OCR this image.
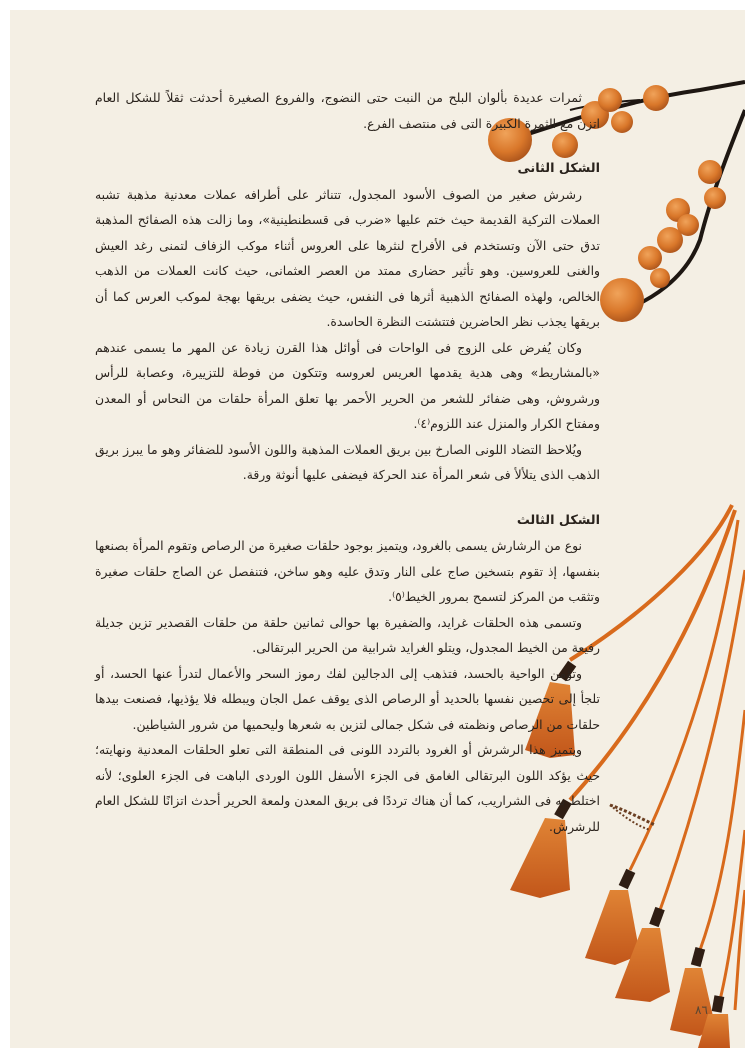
ثمرات عديدة بألوان البلح من النبت حتى النضوج، والفروع الصغيرة أحدثت ثقلاً للشكل العام اتزن مع الثمرة الكبيرة التى فى منتصف الفرع.

الشكل الثانى

رشرش صغير من الصوف الأسود المجدول، تتناثر على أطرافه عملات معدنية مذهبة تشبه العملات التركية القديمة حيث ختم عليها «ضرب فى قسطنطينية»، وما زالت هذه الصفائح المذهبة تدق حتى الآن وتستخدم فى الأفراح لنثرها على العروس أثناء موكب الزفاف لتمنى رغد العيش والغنى للعروسين. وهو تأثير حضارى ممتد من العصر العثمانى، حيث كانت العملات من الذهب الخالص، ولهذه الصفائح الذهبية أثرها فى النفس، حيث يضفى بريقها بهجة لموكب العرس كما أن بريقها يجذب نظر الحاضرين فتتشتت النظرة الحاسدة.

وكان يُفرض على الزوج فى الواحات فى أوائل هذا القرن زيادة عن المهر ما يسمى عندهم «بالمشاريط» وهى هدية يقدمها العريس لعروسه وتتكون من فوطة للتزييرة، وعصابة للرأس ورشروش، وهى ضفائر للشعر من الحرير الأحمر بها تعلق المرأة حلقات من النحاس أو المعدن ومفتاح الكرار والمنزل عند اللزوم⁽٤⁾.

ويُلاحظ التضاد اللونى الصارخ بين بريق العملات المذهبة واللون الأسود للضفائر وهو ما يبرز بريق الذهب الذى يتلألأ فى شعر المرأة عند الحركة فيضفى عليها أنوثة ورقة.

الشكل الثالث

نوع من الرشارش يسمى بالغرود، ويتميز بوجود حلقات صغيرة من الرصاص وتقوم المرأة بصنعها بنفسها، إذ تقوم بتسخين صاج على النار وتدق عليه وهو ساخن، فتنفصل عن الصاج حلقات صغيرة وتثقب من المركز لتسمح بمرور الخيط⁽٥⁾.

وتسمى هذه الحلقات غرايد، والضفيرة بها حوالى ثمانين حلقة من حلقات القصدير تزين جديلة رفيعة من الخيط المجدول، ويتلو الغرايد شرابية من الحرير البرتقالى.

وتؤمن الواحية بالحسد، فتذهب إلى الدجالين لفك رموز السحر والأعمال لتدرأ عنها الحسد، أو تلجأ إلى تحصين نفسها بالحديد أو الرصاص الذى يوقف عمل الجان ويبطله فلا يؤذيها، فصنعت بيدها حلقات من الرصاص ونظمته فى شكل جمالى لتزين به شعرها وليحميها من شرور الشياطين.

ويتميز هذا الرشرش أو الغرود بالتردد اللونى فى المنطقة التى تعلو الحلقات المعدنية ونهايته؛ حيث يؤكد اللون البرتقالى الغامق فى الجزء الأسفل اللون الوردى الباهت فى الجزء العلوى؛ لأنه اختلط به فى الشراريب، كما أن هناك ترددًا فى بريق المعدن ولمعة الحرير أحدث اتزانًا للشكل العام للرشرش.

٨٦
